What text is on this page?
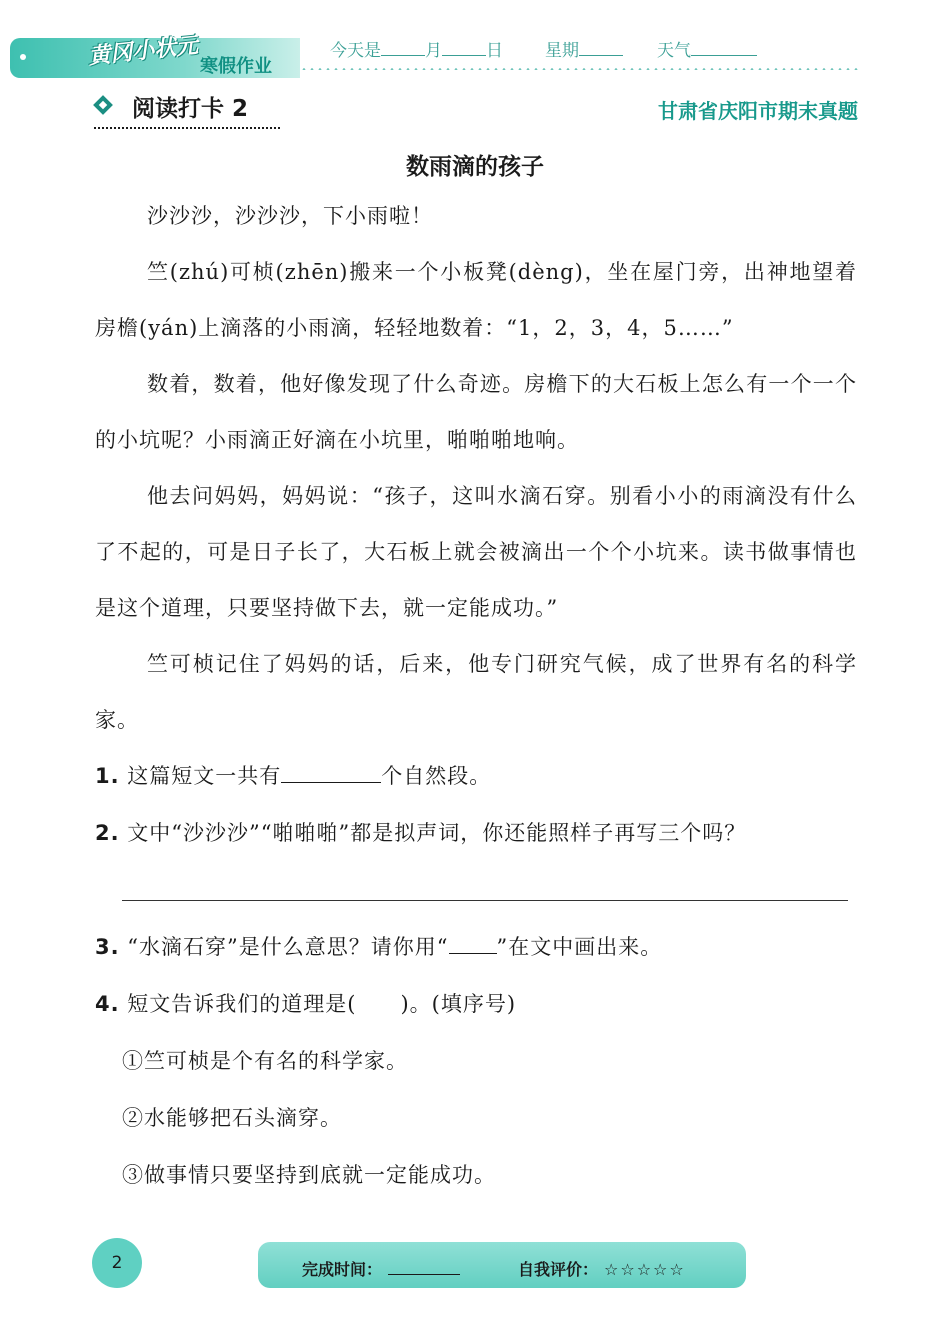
黄冈小状元 寒假作业
今天是	月	日 星期	天气
阅读打卡 2	甘肃省庆阳市期末真题
数雨滴的孩子

沙沙沙，沙沙沙，下小雨啦！

竺(zhú)可桢(zhēn)搬来一个小板凳(dèng)，坐在屋门旁，出神地望着房檐(yán)上滴落的小雨滴，轻轻地数着：“1，2，3，4，5……”

数着，数着，他好像发现了什么奇迹。房檐下的大石板上怎么有一个一个的小坑呢？小雨滴正好滴在小坑里，啪啪啪地响。

他去问妈妈，妈妈说：“孩子，这叫水滴石穿。别看小小的雨滴没有什么了不起的，可是日子长了，大石板上就会被滴出一个个小坑来。读书做事情也是这个道理，只要坚持做下去，就一定能成功。”

竺可桢记住了妈妈的话，后来，他专门研究气候，成了世界有名的科学家。

1. 这篇短文一共有	个自然段。
2. 文中“沙沙沙”“啪啪啪”都是拟声词，你还能照样子再写三个吗？
3. “水滴石穿”是什么意思？请你用“ ”在文中画出来。
4. 短文告诉我们的道理是(　　)。(填序号)
①竺可桢是个有名的科学家。
②水能够把石头滴穿。
③做事情只要坚持到底就一定能成功。
2	完成时间：	自我评价： ☆☆☆☆☆
